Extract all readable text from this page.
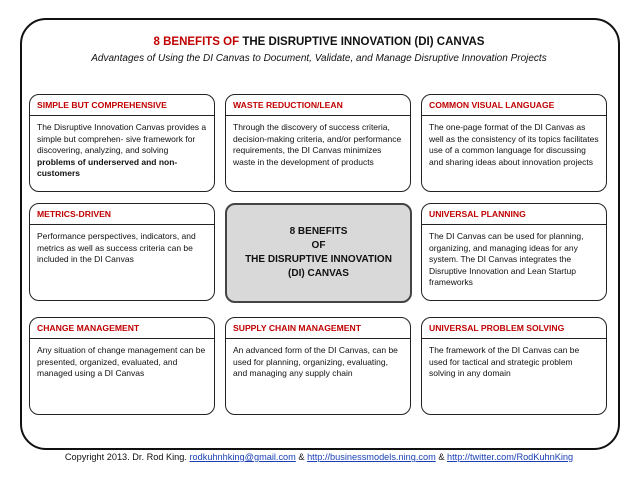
8 BENEFITS OF THE DISRUPTIVE INNOVATION (DI) CANVAS
Advantages of Using the DI Canvas to Document, Validate, and Manage Disruptive Innovation Projects
SIMPLE BUT COMPREHENSIVE
The Disruptive Innovation Canvas provides a simple but comprehen- sive framework for discovering, analyzing, and solving problems of underserved and non-customers
WASTE REDUCTION/LEAN
Through the discovery of success criteria, decision-making criteria, and/or performance requirements, the DI Canvas minimizes waste in the development of products
COMMON VISUAL LANGUAGE
The one-page format of the DI Canvas as well as the consistency of its topics facilitates use of a common language for discussing and sharing ideas about innovation projects
METRICS-DRIVEN
Performance perspectives, indicators, and metrics as well as success criteria can be included in the DI Canvas
8 BENEFITS
OF
THE DISRUPTIVE INNOVATION
(DI) CANVAS
UNIVERSAL PLANNING
The DI Canvas can be used for planning, organizing, and managing ideas for any system. The DI Canvas integrates the Disruptive Innovation and Lean Startup frameworks
CHANGE MANAGEMENT
Any situation of change management can be presented, organized, evaluated, and managed using a DI Canvas
SUPPLY CHAIN MANAGEMENT
An advanced form of the DI Canvas, can be used for planning, organizing, evaluating, and managing any supply chain
UNIVERSAL PROBLEM SOLVING
The framework of the DI Canvas can be used for tactical and strategic problem solving in any domain
Copyright 2013. Dr. Rod King. rodkuhnhking@gmail.com & http://businessmodels.ning.com & http://twitter.com/RodKuhnKing
